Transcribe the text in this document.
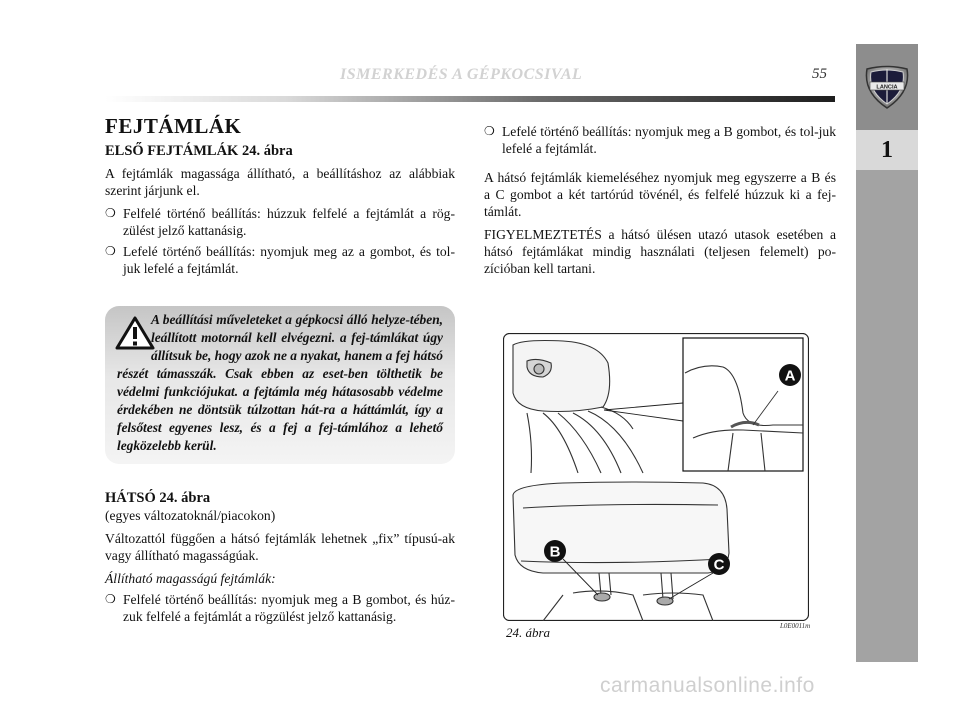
ISMERKEDÉS A GÉPKOCSIVAL	55
LANCIA
1
FEJTÁMLÁK
ELSŐ FEJTÁMLÁK 24. ábra

A fejtámlák magassága állítható, a beállításhoz az alábbiak szerint járjunk el.

❍ Felfelé történő beállítás: húzzuk felfelé a fejtámlát a rög-zülést jelző kattanásig.
❍ Lefelé történő beállítás: nyomjuk meg az a gombot, és tol-juk lefelé a fejtámlát.
A beállítási műveleteket a gépkocsi álló helyze-tében, leállított motornál kell elvégezni. a fej-támlákat úgy állítsuk be, hogy azok ne a nyakat, hanem a fej hátsó részét támasszák. Csak ebben az eset-ben tölthetik be védelmi funkciójukat. a fejtámla még hátasosabb védelme érdekében ne döntsük túlzottan hát-ra a háttámlát, így a felsőtest egyenes lesz, és a fej a fej-támlához a lehető legközelebb kerül.
HÁTSÓ 24. ábra

(egyes változatoknál/piacokon)

Változattól függően a hátsó fejtámlák lehetnek „fix” típusú-ak vagy állítható magasságúak.

Állítható magasságú fejtámlák:

❍ Felfelé történő beállítás: nyomjuk meg a B gombot, és húz-zuk felfelé a fejtámlát a rögzülést jelző kattanásig.
❍ Lefelé történő beállítás: nyomjuk meg a B gombot, és tol-juk lefelé a fejtámlát.

A hátsó fejtámlák kiemeléséhez nyomjuk meg egyszerre a B és a C gombot a két tartórúd tövénél, és felfelé húzzuk ki a fej-támlát.

FIGYELMEZTETÉS a hátsó ülésen utazó utasok esetében a hátsó fejtámlákat mindig használati (teljesen felemelt) po-zícióban kell tartani.

A
B
C
24. ábra	L0E0011m
carmanualsonline.info
